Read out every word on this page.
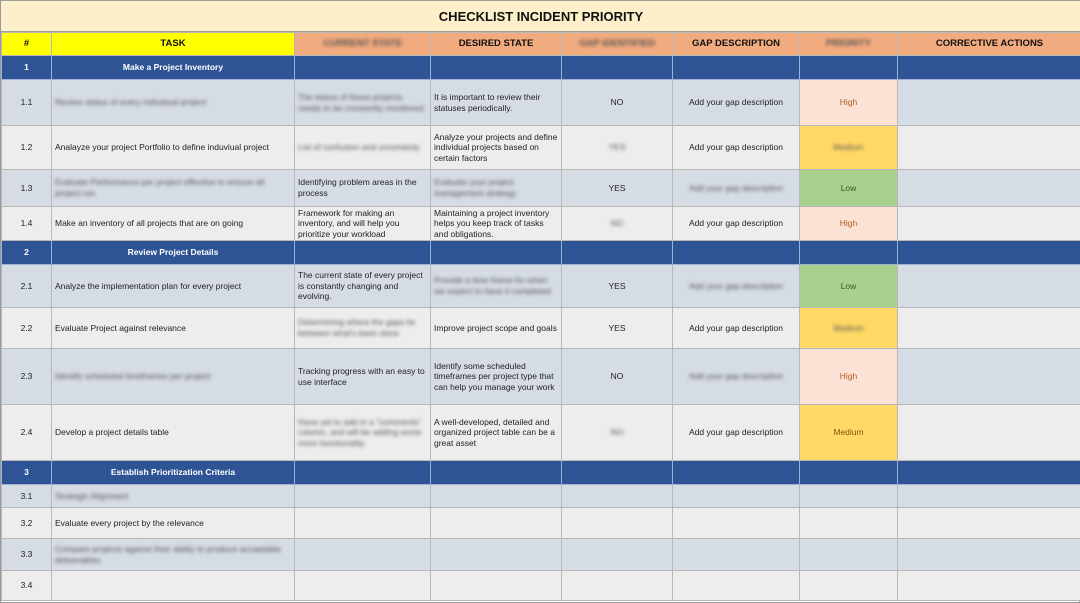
CHECKLIST INCIDENT PRIORITY
#	TASK	CURRENT STATE	DESIRED STATE	GAP IDENTIFIED	GAP DESCRIPTION	PRIORITY	CORRECTIVE ACTIONS
1	Make a Project Inventory						
1.1	Review status of every individual project	The status of these projects needs to be constantly monitored.	It is important to review their statuses periodically.	NO	Add your gap description	High	
1.2	Analayze your project Portfolio to define induviual project	List of confusion and uncertainty	Analyze your projects and define individual projects based on certain factors	YES	Add your gap description	Medium	
1.3	Evaluate Performance per project effective to ensure all project run	Identifying problem areas in the process	Evaluate your project management strategy	YES	Add your gap description	Low	
1.4	Make an inventory of all projects that are on going	Framework for making an inventory, and will help you prioritize your workload	Maintaining a project inventory helps you keep track of tasks and obligations.	NO	Add your gap description	High	
2	Review Project Details						
2.1	Analyze the implementation plan for every project	The current state of every project is constantly changing and evolving.	Provide a time frame for when we expect to have it completed	YES	Add your gap description	Low	
2.2	Evaluate Project against relevance	Determining where the gaps lie between what's been done	Improve project scope and goals	YES	Add your gap description	Medium	
2.3	Identify scheduled timeframes per project	Tracking progress with an easy to use interface	Identify some scheduled timeframes per project type that can help you manage your work	NO	Add your gap description	High	
2.4	Develop a project details table	Have yet to add in a "comments" column, and will be adding some more functionality	A well-developed, detailed and organized project table can be a great asset	NO	Add your gap description	Medium	
3	Establish Prioritization Criteria						
3.1	Strategic Alignment						
3.2	Evaluate every project by the relevance						
3.3	Compare projects against their ability to produce acceptable deliverables						
3.4							
